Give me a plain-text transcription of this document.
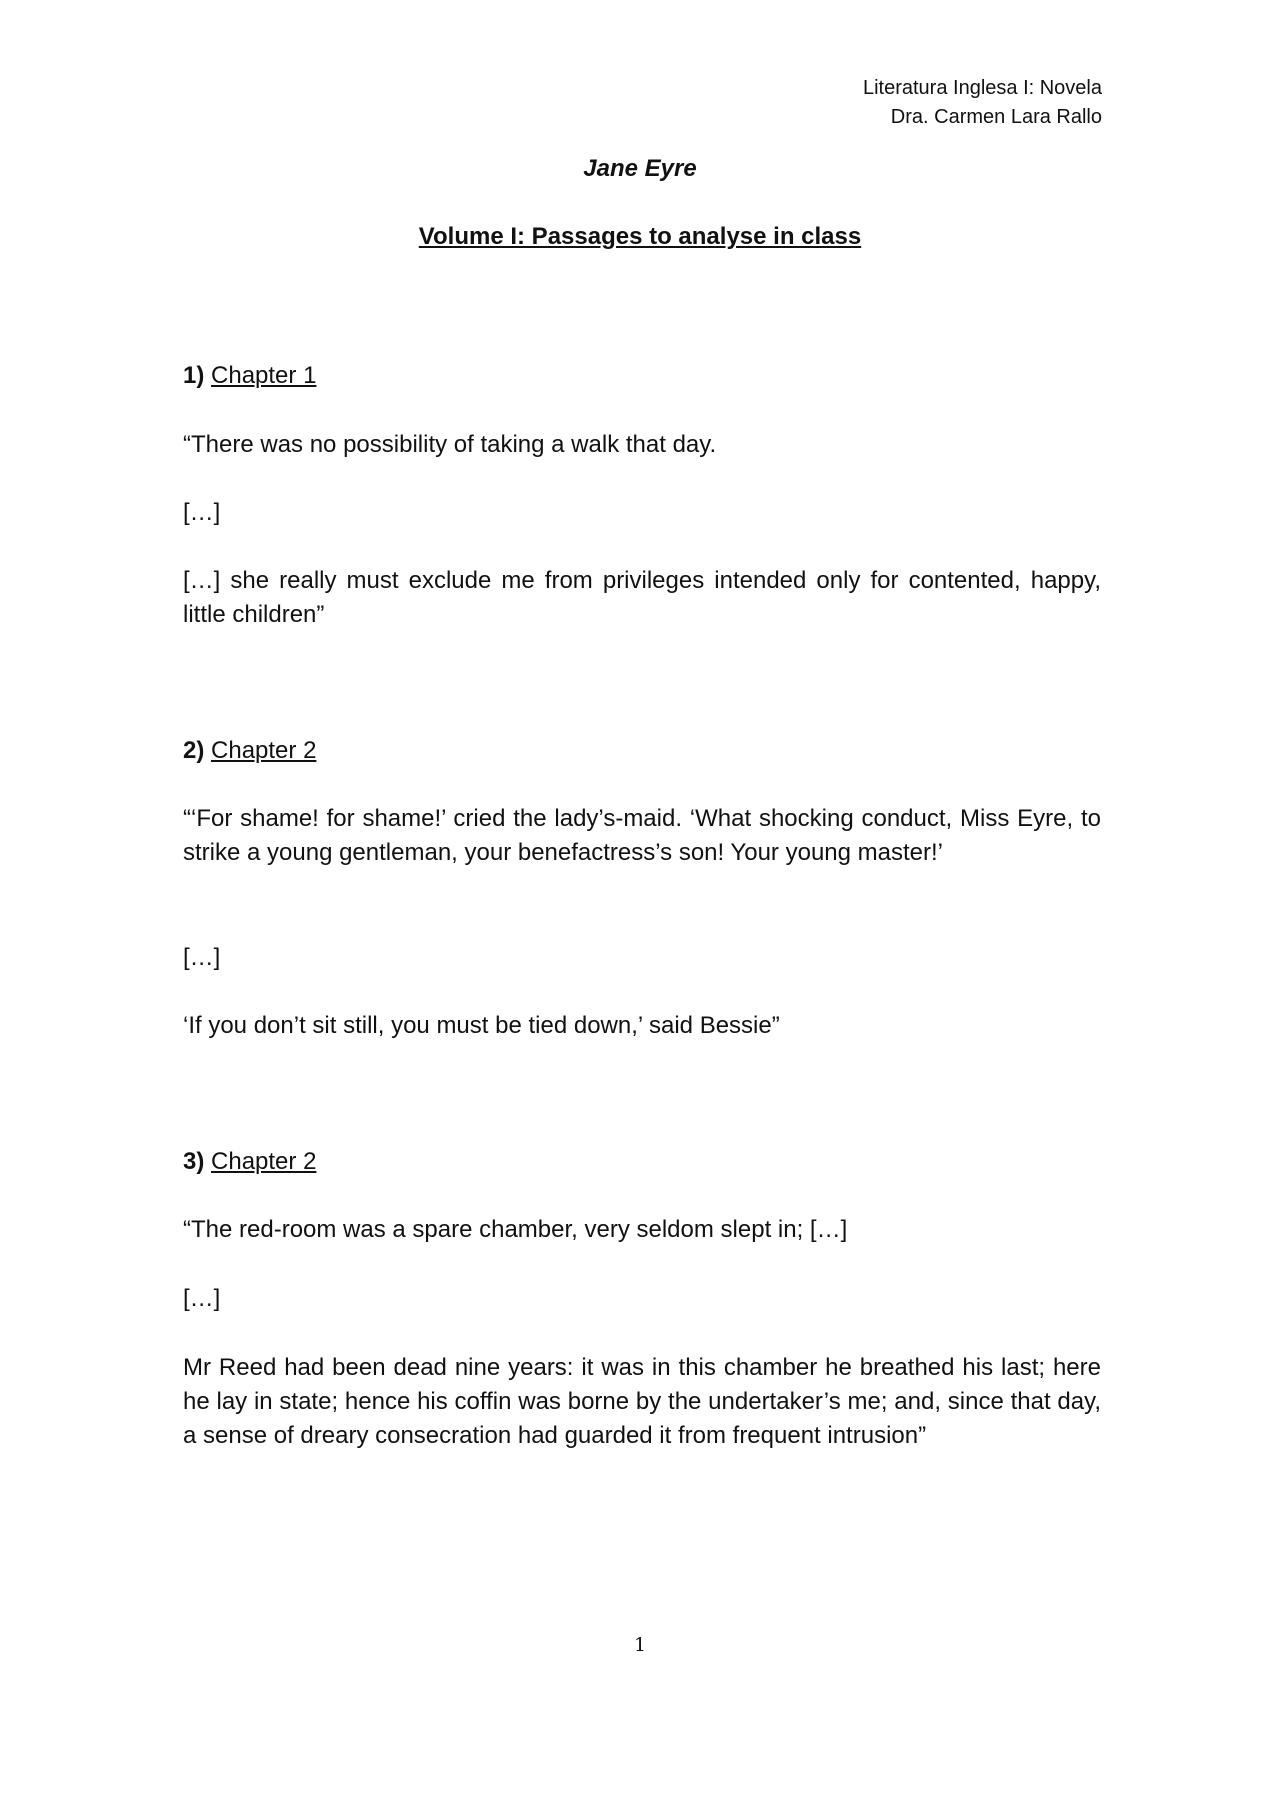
Literatura Inglesa I: Novela
Dra. Carmen Lara Rallo
Jane Eyre
Volume I: Passages to analyse in class
1) Chapter 1
“There was no possibility of taking a walk that day.
[…]
[…] she really must exclude me from privileges intended only for contented, happy, little children”
2) Chapter 2
“‘For shame! for shame!’ cried the lady’s-maid. ‘What shocking conduct, Miss Eyre, to strike a young gentleman, your benefactress’s son! Your young master!’
[…]
‘If you don’t sit still, you must be tied down,’ said Bessie”
3) Chapter 2
“The red-room was a spare chamber, very seldom slept in; […]
[…]
Mr Reed had been dead nine years: it was in this chamber he breathed his last; here he lay in state; hence his coffin was borne by the undertaker’s me; and, since that day, a sense of dreary consecration had guarded it from frequent intrusion”
1
